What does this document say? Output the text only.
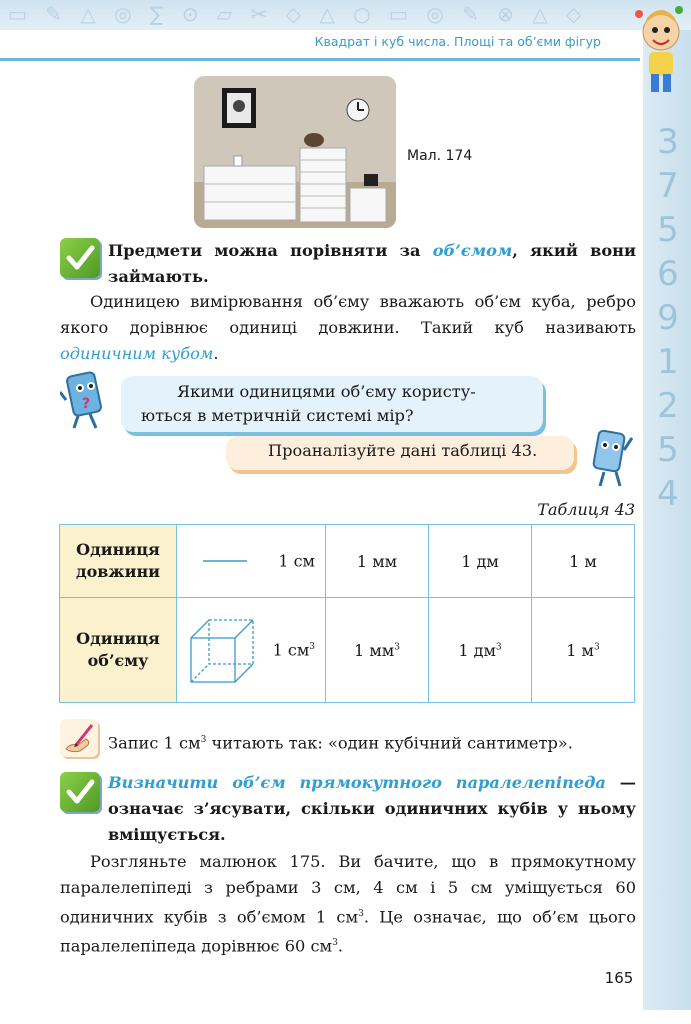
▭ ✎ △ ◎ ∑ ⊙ ▱ ✂ ◇ △ ○ ▭ ◎ ✎ ⊗ △ ◇
Квадрат і куб числа. Площі та об’єми фігур
3 7 5 6 9 1 2 5 4
Мал. 174
Предмети можна порівняти за об’ємом, який вони займають.
Одиницею вимірювання об’єму вважають об’єм куба, ребро якого дорівнює одиниці довжини. Такий куб називають одиничним кубом.
?
Якими одиницями об’єму користу-
ються в метричній системі мір?
Проаналізуйте дані таблиці 43.
Таблиця 43
Одиниця
довжини	1 см	1 мм	1 дм	1 м

Одиниця
об’єму	1 $см^3$	1 $мм^3$	1 $дм^3$	1 $м^3$
Запис 1 $см^3$ читають так: «один кубічний сантиметр».
Визначити об’єм прямокутного паралелепіпеда — означає з’ясувати, скільки одиничних кубів у ньому вміщується.
Розгляньте малюнок 175. Ви бачите, що в прямокутному паралелепіпеді з ребрами 3 см, 4 см і 5 см уміщується 60 одиничних кубів з об’ємом 1 $см^3$. Це означає, що об’єм цього паралелепіпеда дорівнює 60 $см^3$.
165
